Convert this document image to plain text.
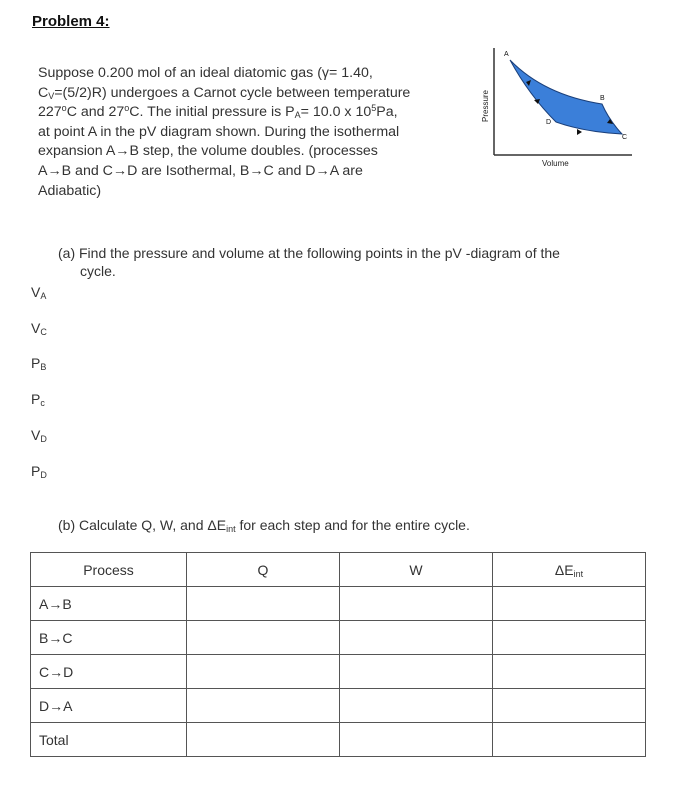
Problem 4:
Suppose 0.200 mol of an ideal diatomic gas (γ= 1.40,
$C_V=(5/2)R$) undergoes a Carnot cycle between temperature
227$^o$C and 27$^o$C. The initial pressure is $P_A= 10.0$ x $10^5Pa$,
at point A in the pV diagram shown. During the isothermal
expansion A→B step, the volume doubles. (processes
A→B and C→D are Isothermal, B→C and D→A are
Adiabatic)
A
B
C
D
Pressure
Volume
(a) Find the pressure and volume at the following points in the pV -diagram of the
cycle.
$V_A$
$V_C$
$P_B$
$P_c$
$V_D$
$P_D$
(b) Calculate Q, W, and $\Delta E_{int}$ for each step and for the entire cycle.
Process	Q	W	$\Delta E_{int}$
A→B			
B→C			
C→D			
D→A			
Total			
